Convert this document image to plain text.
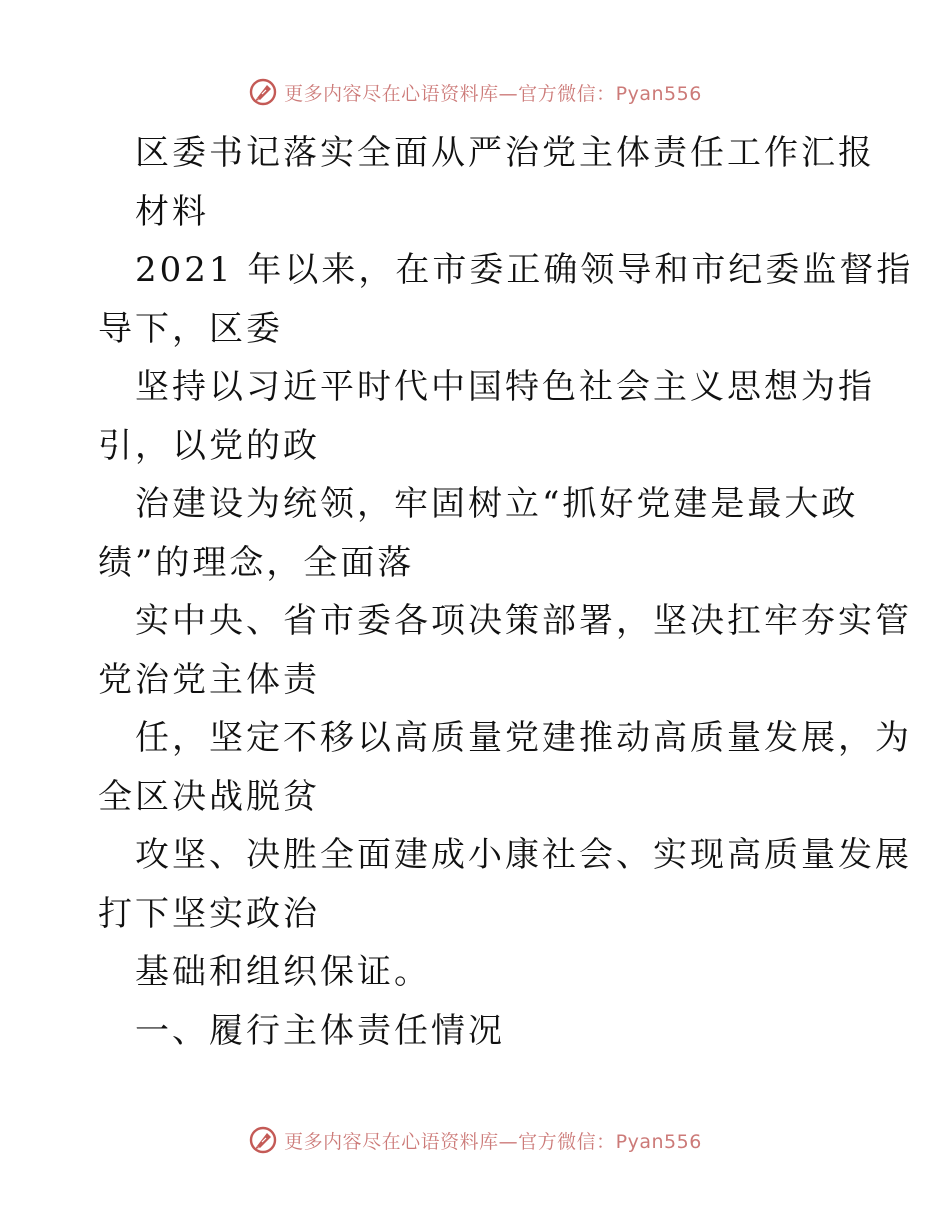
更多内容尽在心语资料库—官方微信：Pyan556
区委书记落实全面从严治党主体责任工作汇报
材料
2021 年以来，在市委正确领导和市纪委监督指
导下，区委
坚持以习近平时代中国特色社会主义思想为指
引，以党的政
治建设为统领，牢固树立“抓好党建是最大政
绩”的理念，全面落
实中央、省市委各项决策部署，坚决扛牢夯实管
党治党主体责
任，坚定不移以高质量党建推动高质量发展，为
全区决战脱贫
攻坚、决胜全面建成小康社会、实现高质量发展
打下坚实政治
基础和组织保证。
一、履行主体责任情况
更多内容尽在心语资料库—官方微信：Pyan556
